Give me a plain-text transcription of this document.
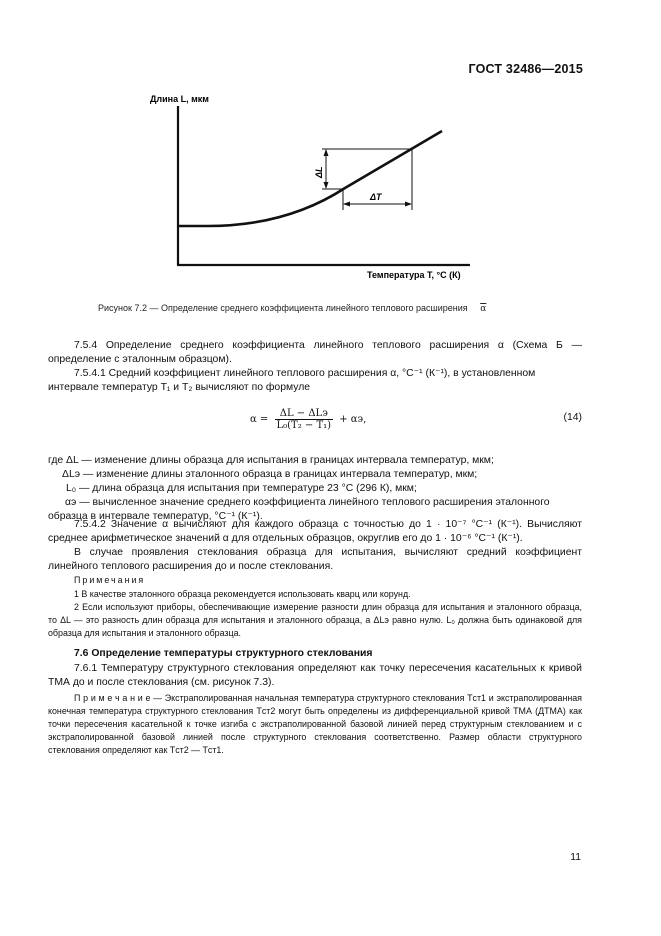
ГОСТ 32486—2015
Длина L, мкм
ΔL
ΔT
Температура T, °С (К)
Рисунок 7.2 — Определение среднего коэффициента линейного теплового расширения $\overline{\alpha}$
7.5.4 Определение среднего коэффициента линейного теплового расширения α (Схема Б — определение с эталонным образцом).
7.5.4.1 Средний коэффициент линейного теплового расширения α, °С⁻¹ (К⁻¹), в установленном
интервале температур T₁ и T₂ вычисляют по формуле
α =
ΔL − ΔLэ
L₀(T₂ − T₁)
+ αэ,	(14)
где ΔL — изменение длины образца для испытания в границах интервала температур, мкм;
ΔLэ — изменение длины эталонного образца в границах интервала температур, мкм;
L₀ — длина образца для испытания при температуре 23 °С (296 К), мкм;
αэ — вычисленное значение среднего коэффициента линейного теплового расширения эталонного
образца в интервале температур, °С⁻¹ (К⁻¹).
7.5.4.2 Значение α вычисляют для каждого образца с точностью до 1 · 10⁻⁷ °С⁻¹ (К⁻¹). Вычисляют среднее арифметическое значений α для отдельных образцов, округлив его до 1 · 10⁻⁶ °С⁻¹ (К⁻¹).
В случае проявления стеклования образца для испытания, вычисляют средний коэффициент линейного теплового расширения до и после стеклования.
Примечания
1 В качестве эталонного образца рекомендуется использовать кварц или корунд.
2 Если используют приборы, обеспечивающие измерение разности длин образца для испытания и эталонного образца, то ΔL — это разность длин образца для испытания и эталонного образца, а ΔLэ равно нулю. L₀ должна быть одинаковой для образца для испытания и эталонного образца.
7.6 Определение температуры структурного стеклования
7.6.1 Температуру структурного стеклования определяют как точку пересечения касательных к кривой ТМА до и после стеклования (см. рисунок 7.3).
П р и м е ч а н и е — Экстраполированная начальная температура структурного стеклования Tст1 и экстраполированная конечная температура структурного стеклования Tст2 могут быть определены из дифференциальной кривой ТМА (ДТМА) как точки пересечения касательной к точке изгиба с экстраполированной базовой линией перед структурным стеклованием и с экстраполированной базовой линией после структурного стеклования соответственно. Размер области структурного стеклования определяют как Tст2 — Tст1.
11
